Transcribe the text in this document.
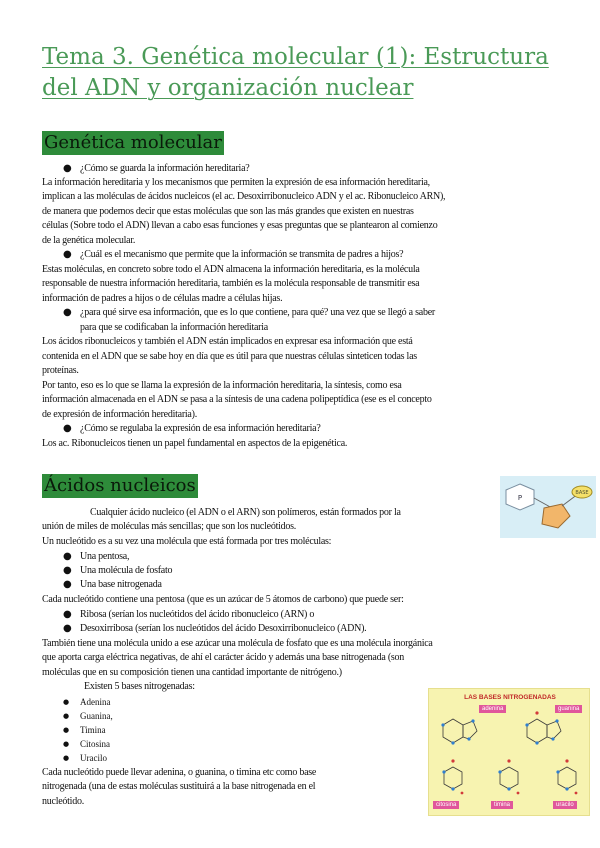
Tema 3. Genética molecular (1): Estructura del ADN y organización nuclear
Genética molecular
● ¿Cómo se guarda la información hereditaria?
La información hereditaria y los mecanismos que permiten la expresión de esa información hereditaria,
implican a las moléculas de ácidos nucleicos (el ac. Desoxirribonucleico ADN y el ac. Ribonucleico ARN),
de manera que podemos decir que estas moléculas que son las más grandes que existen en nuestras
células (Sobre todo el ADN) llevan a cabo esas funciones y esas preguntas que se plantearon al comienzo
de la genética molecular.
● ¿Cuál es el mecanismo que permite que la información se transmita de padres a hijos?
Estas moléculas, en concreto sobre todo el ADN almacena la información hereditaria, es la molécula
responsable de nuestra información hereditaria, también es la molécula responsable de transmitir esa
información de padres a hijos o de células madre a células hijas.
● ¿para qué sirve esa información, que es lo que contiene, para qué? una vez que se llegó a saber
para que se codificaban la información hereditaria
Los ácidos ribonucleicos y también el ADN están implicados en expresar esa información que está
contenida en el ADN que se sabe hoy en día que es útil para que nuestras células sinteticen todas las
proteínas.
Por tanto, eso es lo que se llama la expresión de la información hereditaria, la síntesis, como esa
información almacenada en el ADN se pasa a la síntesis de una cadena polipeptídica (ese es el concepto
de expresión de información hereditaria).
● ¿Cómo se regulaba la expresión de esa información hereditaria?
Los ac. Ribonucleicos tienen un papel fundamental en aspectos de la epigenética.
Ácidos nucleicos
P
BASE
Cualquier ácido nucleico (el ADN o el ARN) son polímeros, están formados por la
unión de miles de moléculas más sencillas; que son los nucleótidos.
Un nucleótido es a su vez una molécula que está formada por tres moléculas:
● Una pentosa,
● Una molécula de fosfato
● Una base nitrogenada
Cada nucleótido contiene una pentosa (que es un azúcar de 5 átomos de carbono) que puede ser:
● Ribosa (serían los nucleótidos del ácido ribonucleico (ARN) o
● Desoxirribosa (serían los nucleótidos del ácido Desoxirribonucleico (ADN).
También tiene una molécula unido a ese azúcar una molécula de fosfato que es una molécula inorgánica
que aporta carga eléctrica negativas, de ahí el carácter ácido y además una base nitrogenada (son
moléculas que en su composición tienen una cantidad importante de nitrógeno.)
Existen 5 bases nitrogenadas:
● Adenina
● Guanina,
● Timina
● Citosina
● Uracilo
Cada nucleótido puede llevar adenina, o guanina, o timina etc como base
nitrogenada (una de estas moléculas sustituirá a la base nitrogenada en el
nucleótido.
LAS BASES NITROGENADAS
adenina	guanina
citosina	timina	uracilo
